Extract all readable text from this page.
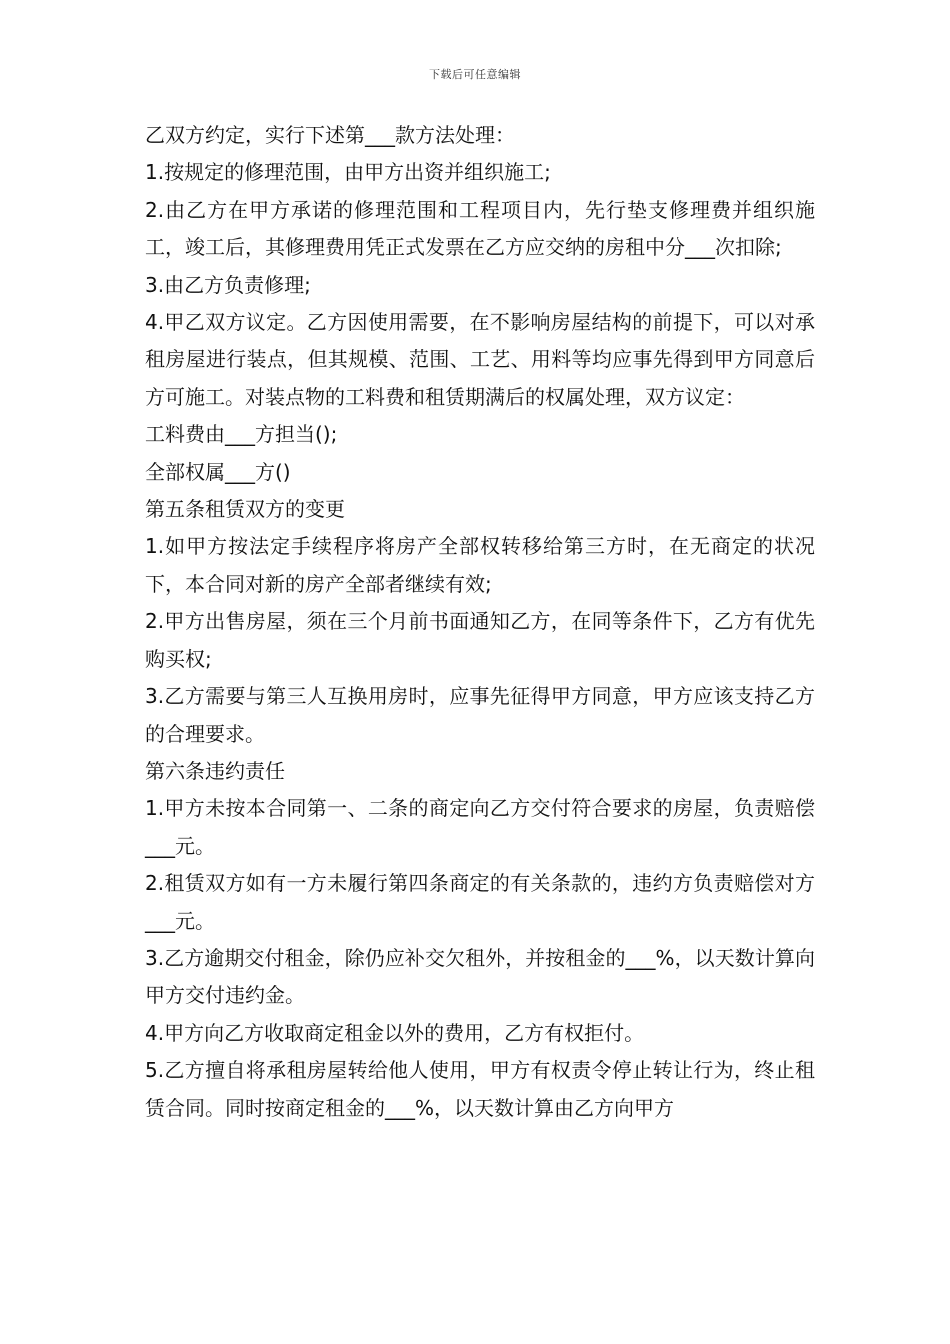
下载后可任意编辑

乙双方约定，实行下述第___款方法处理：

1.按规定的修理范围，由甲方出资并组织施工;

2.由乙方在甲方承诺的修理范围和工程项目内，先行垫支修理费并组织施工，竣工后，其修理费用凭正式发票在乙方应交纳的房租中分___次扣除;

3.由乙方负责修理;

4.甲乙双方议定。乙方因使用需要，在不影响房屋结构的前提下，可以对承租房屋进行装点，但其规模、范围、工艺、用料等均应事先得到甲方同意后方可施工。对装点物的工料费和租赁期满后的权属处理，双方议定：

工料费由___方担当();

全部权属___方()

第五条租赁双方的变更

1.如甲方按法定手续程序将房产全部权转移给第三方时，在无商定的状况下，本合同对新的房产全部者继续有效;

2.甲方出售房屋，须在三个月前书面通知乙方，在同等条件下，乙方有优先购买权;

3.乙方需要与第三人互换用房时，应事先征得甲方同意，甲方应该支持乙方的合理要求。

第六条违约责任

1.甲方未按本合同第一、二条的商定向乙方交付符合要求的房屋，负责赔偿___元。

2.租赁双方如有一方未履行第四条商定的有关条款的，违约方负责赔偿对方___元。

3.乙方逾期交付租金，除仍应补交欠租外，并按租金的___%，以天数计算向甲方交付违约金。

4.甲方向乙方收取商定租金以外的费用，乙方有权拒付。

5.乙方擅自将承租房屋转给他人使用，甲方有权责令停止转让行为，终止租赁合同。同时按商定租金的___%，以天数计算由乙方向甲方
